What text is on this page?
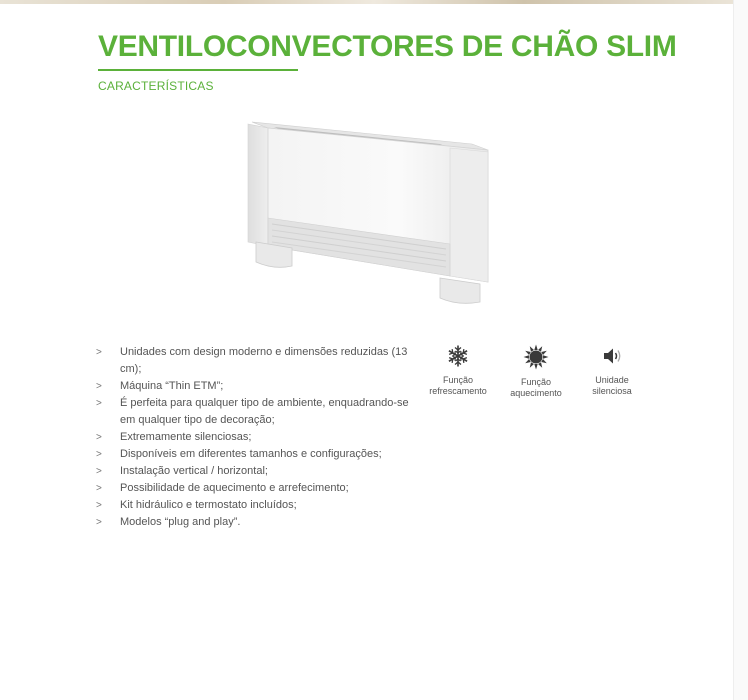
VENTILOCONVECTORES DE CHÃO SLIM
CARACTERÍSTICAS
> Unidades com design moderno e dimensões reduzidas (13 cm);
> Máquina “Thin ETM”;
> É perfeita para qualquer tipo de ambiente, enquadrando-se em qualquer tipo de decoração;
> Extremamente silenciosas;
> Disponíveis em diferentes tamanhos e configurações;
> Instalação vertical / horizontal;
> Possibilidade de aquecimento e arrefecimento;
> Kit hidráulico e termostato incluídos;
> Modelos “plug and play”.
Função
refrescamento
Função
aquecimento
Unidade
silenciosa
